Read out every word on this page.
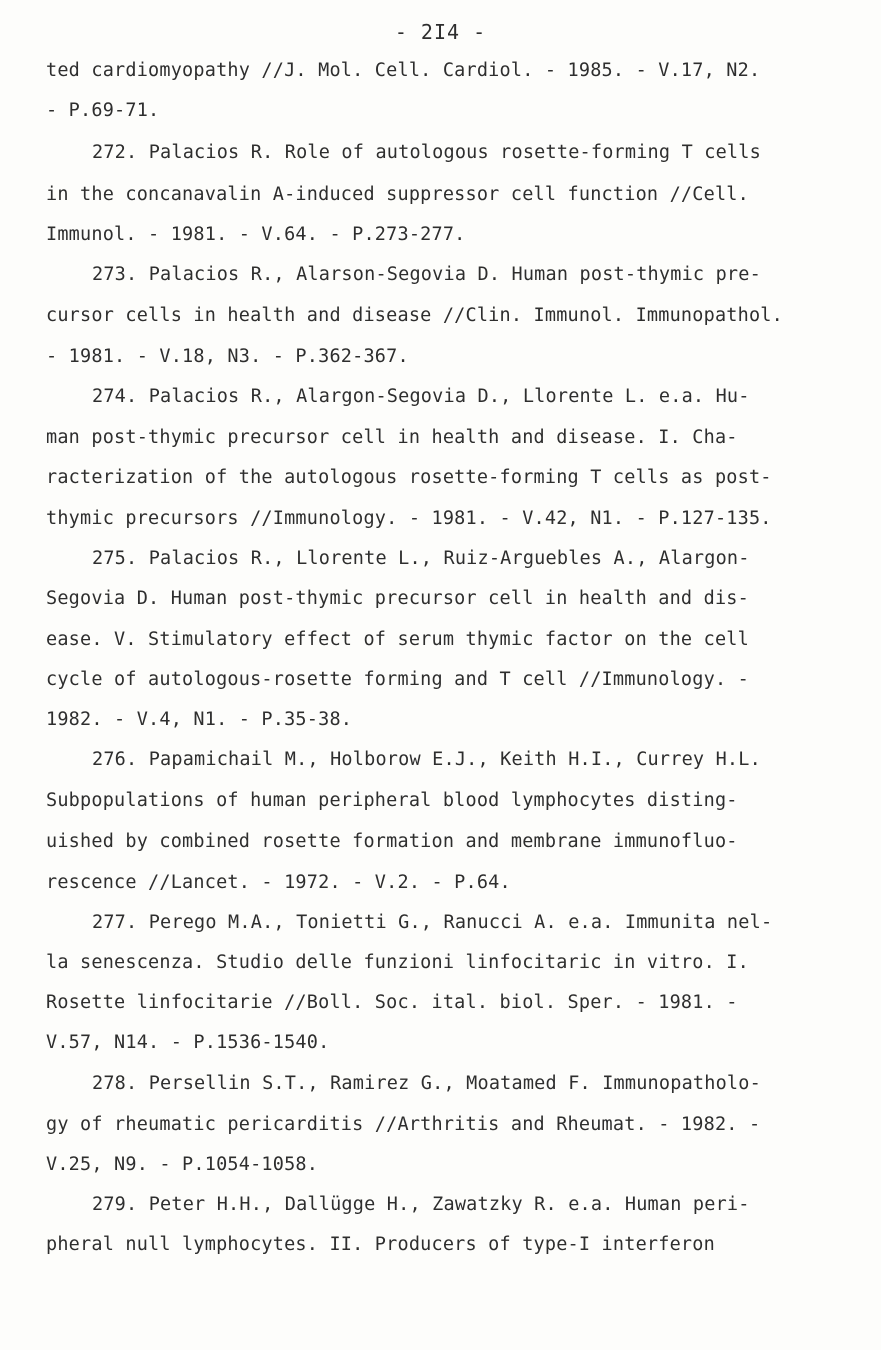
- 2I4 -
ted cardiomyopathy //J. Mol. Cell. Cardiol. - 1985. - V.17, N2.
- P.69-71.
272. Palacios R. Role of autologous rosette-forming T cells
in the concanavalin A-induced suppressor cell function //Cell.
Immunol. - 1981. - V.64. - P.273-277.
273. Palacios R., Alarson-Segovia D. Human post-thymic pre-
cursor cells in health and disease //Clin. Immunol. Immunopathol.
- 1981. - V.18, N3. - P.362-367.
274. Palacios R., Alargon-Segovia D., Llorente L. e.a. Hu-
man post-thymic precursor cell in health and disease. I. Cha-
racterization of the autologous rosette-forming T cells as post-
thymic precursors //Immunology. - 1981. - V.42, N1. - P.127-135.
275. Palacios R., Llorente L., Ruiz-Arguebles A., Alargon-
Segovia D. Human post-thymic precursor cell in health and dis-
ease. V. Stimulatory effect of serum thymic factor on the cell
cycle of autologous-rosette forming and T cell //Immunology. -
1982. - V.4, N1. - P.35-38.
276. Papamichail M., Holborow E.J., Keith H.I., Currey H.L.
Subpopulations of human peripheral blood lymphocytes disting-
uished by combined rosette formation and membrane immunofluo-
rescence //Lancet. - 1972. - V.2. - P.64.
277. Perego M.A., Tonietti G., Ranucci A. e.a. Immunita nel-
la senescenza. Studio delle funzioni linfocitaric in vitro. I.
Rosette linfocitarie //Boll. Soc. ital. biol. Sper. - 1981. -
V.57, N14. - P.1536-1540.
278. Persellin S.T., Ramirez G., Moatamed F. Immunopatholo-
gy of rheumatic pericarditis //Arthritis and Rheumat. - 1982. -
V.25, N9. - P.1054-1058.
279. Peter H.H., Dallügge H., Zawatzky R. e.a. Human peri-
pheral null lymphocytes. II. Producers of type-I interferon
